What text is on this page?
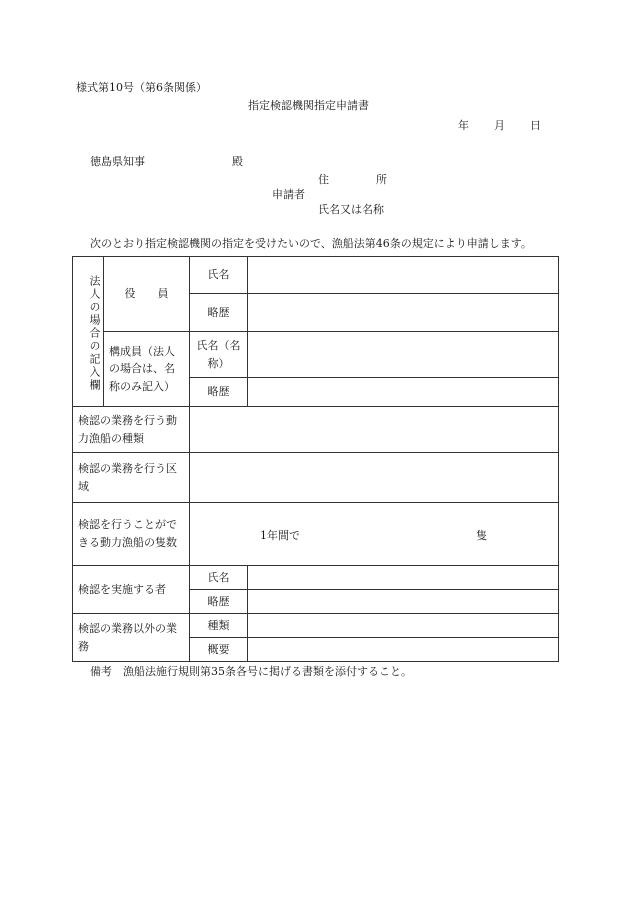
様式第10号（第6条関係）
指定検認機関指定申請書
年 月 日
徳島県知事	殿
住	所
申請者
氏名又は名称
次のとおり指定検認機関の指定を受けたいので、漁船法第46条の規定により申請します。
法人の場合の記入欄	役　　員	氏名	
		略歴	
	構成員（法人の場合は、名称のみ記入）	氏名（名称）	
		略歴	
検認の業務を行う動力漁船の種類			
検認の業務を行う区域			
検認を行うことができる動力漁船の隻数		1年間で 隻	

検認を実施する者		氏名	
		略歴	
検認の業務以外の業務		種類	
		概要	
備考　漁船法施行規則第35条各号に掲げる書類を添付すること。
